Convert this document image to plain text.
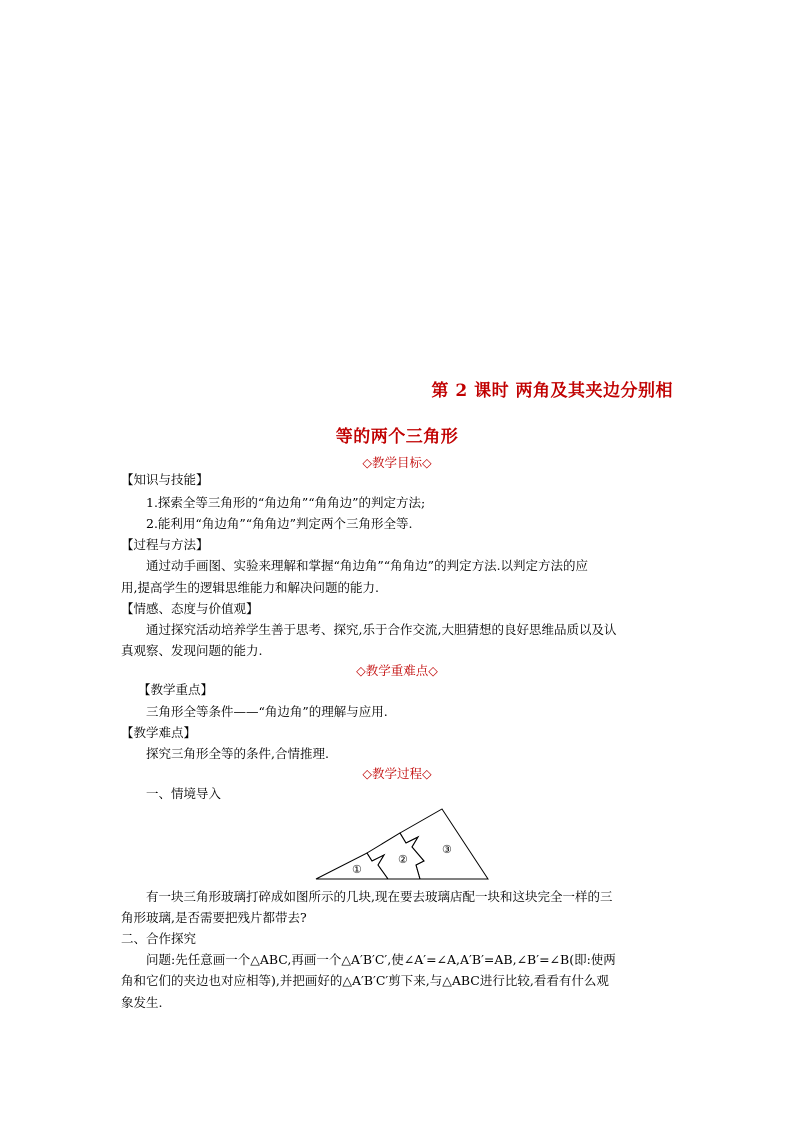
第 2 课时 两角及其夹边分别相
等的两个三角形
◇教学目标◇
【知识与技能】
1.探索全等三角形的“角边角”“角角边”的判定方法;
2.能利用“角边角”“角角边”判定两个三角形全等.
【过程与方法】
通过动手画图、实验来理解和掌握“角边角”“角角边”的判定方法.以判定方法的应
用,提高学生的逻辑思维能力和解决问题的能力.
【情感、态度与价值观】
通过探究活动培养学生善于思考、探究,乐于合作交流,大胆猜想的良好思维品质以及认
真观察、发现问题的能力.
◇教学重难点◇
【教学重点】
三角形全等条件——“角边角”的理解与应用.
【教学难点】
探究三角形全等的条件,合情推理.
◇教学过程◇
一、情境导入
①
②
③
有一块三角形玻璃打碎成如图所示的几块,现在要去玻璃店配一块和这块完全一样的三
角形玻璃,是否需要把残片都带去?
二、合作探究
问题:先任意画一个△ABC,再画一个△A′B′C′,使∠A′=∠A,A′B′=AB,∠B′=∠B(即:使两
角和它们的夹边也对应相等),并把画好的△A′B′C′剪下来,与△ABC进行比较,看看有什么观
象发生.
